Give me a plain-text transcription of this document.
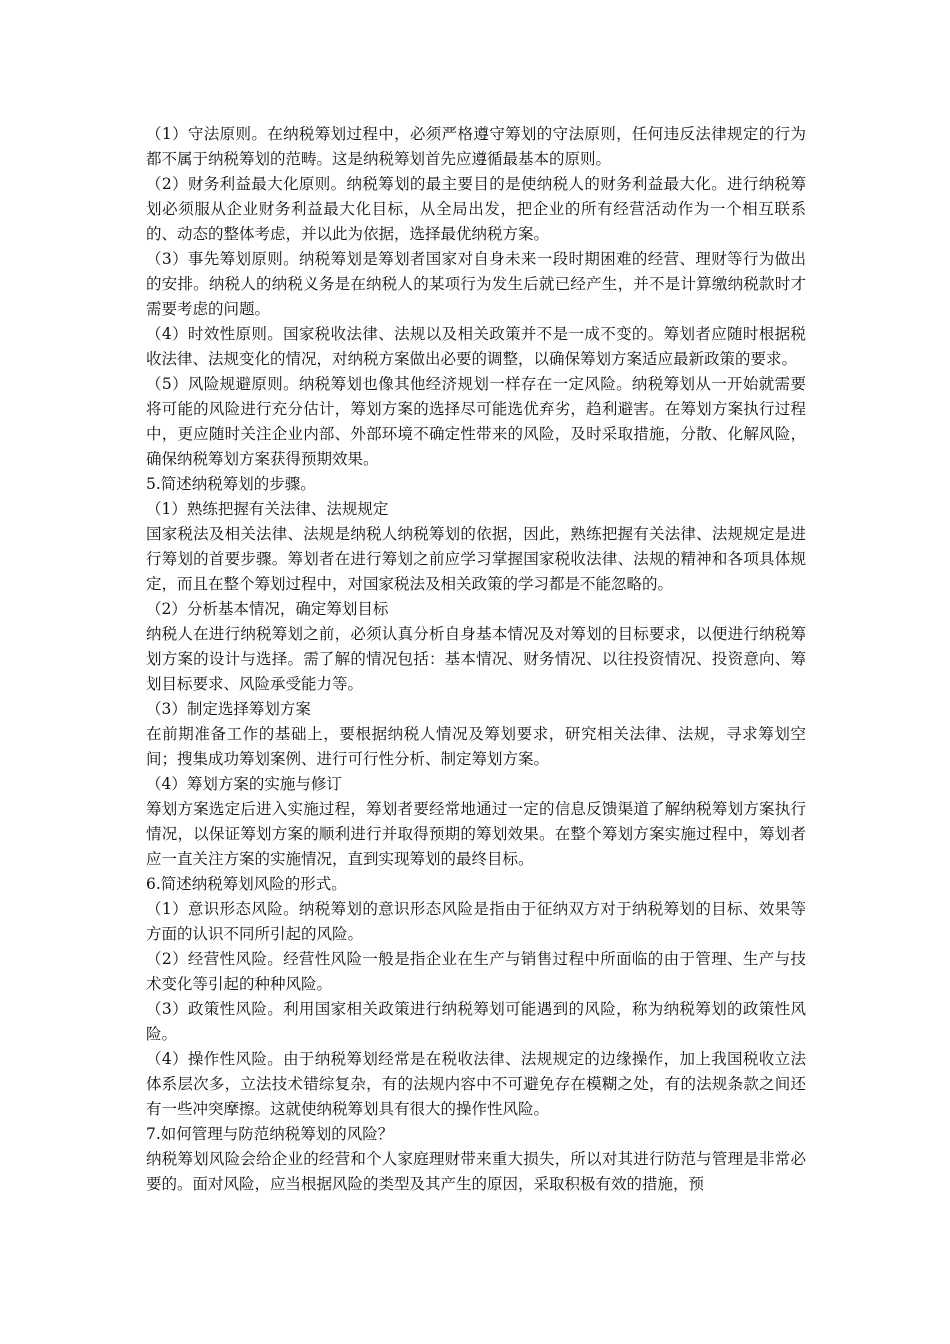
（1）守法原则。在纳税筹划过程中，必须严格遵守筹划的守法原则，任何违反法律规定的行为都不属于纳税筹划的范畴。这是纳税筹划首先应遵循最基本的原则。

（2）财务利益最大化原则。纳税筹划的最主要目的是使纳税人的财务利益最大化。进行纳税筹划必须服从企业财务利益最大化目标，从全局出发，把企业的所有经营活动作为一个相互联系的、动态的整体考虑，并以此为依据，选择最优纳税方案。

（3）事先筹划原则。纳税筹划是筹划者国家对自身未来一段时期困难的经营、理财等行为做出的安排。纳税人的纳税义务是在纳税人的某项行为发生后就已经产生，并不是计算缴纳税款时才需要考虑的问题。

（4）时效性原则。国家税收法律、法规以及相关政策并不是一成不变的。筹划者应随时根据税收法律、法规变化的情况，对纳税方案做出必要的调整，以确保筹划方案适应最新政策的要求。

（5）风险规避原则。纳税筹划也像其他经济规划一样存在一定风险。纳税筹划从一开始就需要将可能的风险进行充分估计，筹划方案的选择尽可能选优弃劣，趋利避害。在筹划方案执行过程中，更应随时关注企业内部、外部环境不确定性带来的风险，及时采取措施，分散、化解风险，确保纳税筹划方案获得预期效果。

5.简述纳税筹划的步骤。

（1）熟练把握有关法律、法规规定

国家税法及相关法律、法规是纳税人纳税筹划的依据，因此，熟练把握有关法律、法规规定是进行筹划的首要步骤。筹划者在进行筹划之前应学习掌握国家税收法律、法规的精神和各项具体规定，而且在整个筹划过程中，对国家税法及相关政策的学习都是不能忽略的。

（2）分析基本情况，确定筹划目标

纳税人在进行纳税筹划之前，必须认真分析自身基本情况及对筹划的目标要求，以便进行纳税筹划方案的设计与选择。需了解的情况包括：基本情况、财务情况、以往投资情况、投资意向、筹划目标要求、风险承受能力等。

（3）制定选择筹划方案

在前期准备工作的基础上，要根据纳税人情况及筹划要求，研究相关法律、法规，寻求筹划空间；搜集成功筹划案例、进行可行性分析、制定筹划方案。

（4）筹划方案的实施与修订

筹划方案选定后进入实施过程，筹划者要经常地通过一定的信息反馈渠道了解纳税筹划方案执行情况，以保证筹划方案的顺利进行并取得预期的筹划效果。在整个筹划方案实施过程中，筹划者应一直关注方案的实施情况，直到实现筹划的最终目标。

6.简述纳税筹划风险的形式。

（1）意识形态风险。纳税筹划的意识形态风险是指由于征纳双方对于纳税筹划的目标、效果等方面的认识不同所引起的风险。

（2）经营性风险。经营性风险一般是指企业在生产与销售过程中所面临的由于管理、生产与技术变化等引起的种种风险。

（3）政策性风险。利用国家相关政策进行纳税筹划可能遇到的风险，称为纳税筹划的政策性风险。

（4）操作性风险。由于纳税筹划经常是在税收法律、法规规定的边缘操作，加上我国税收立法体系层次多，立法技术错综复杂，有的法规内容中不可避免存在模糊之处，有的法规条款之间还有一些冲突摩擦。这就使纳税筹划具有很大的操作性风险。

7.如何管理与防范纳税筹划的风险？

纳税筹划风险会给企业的经营和个人家庭理财带来重大损失，所以对其进行防范与管理是非常必要的。面对风险，应当根据风险的类型及其产生的原因，采取积极有效的措施，预
